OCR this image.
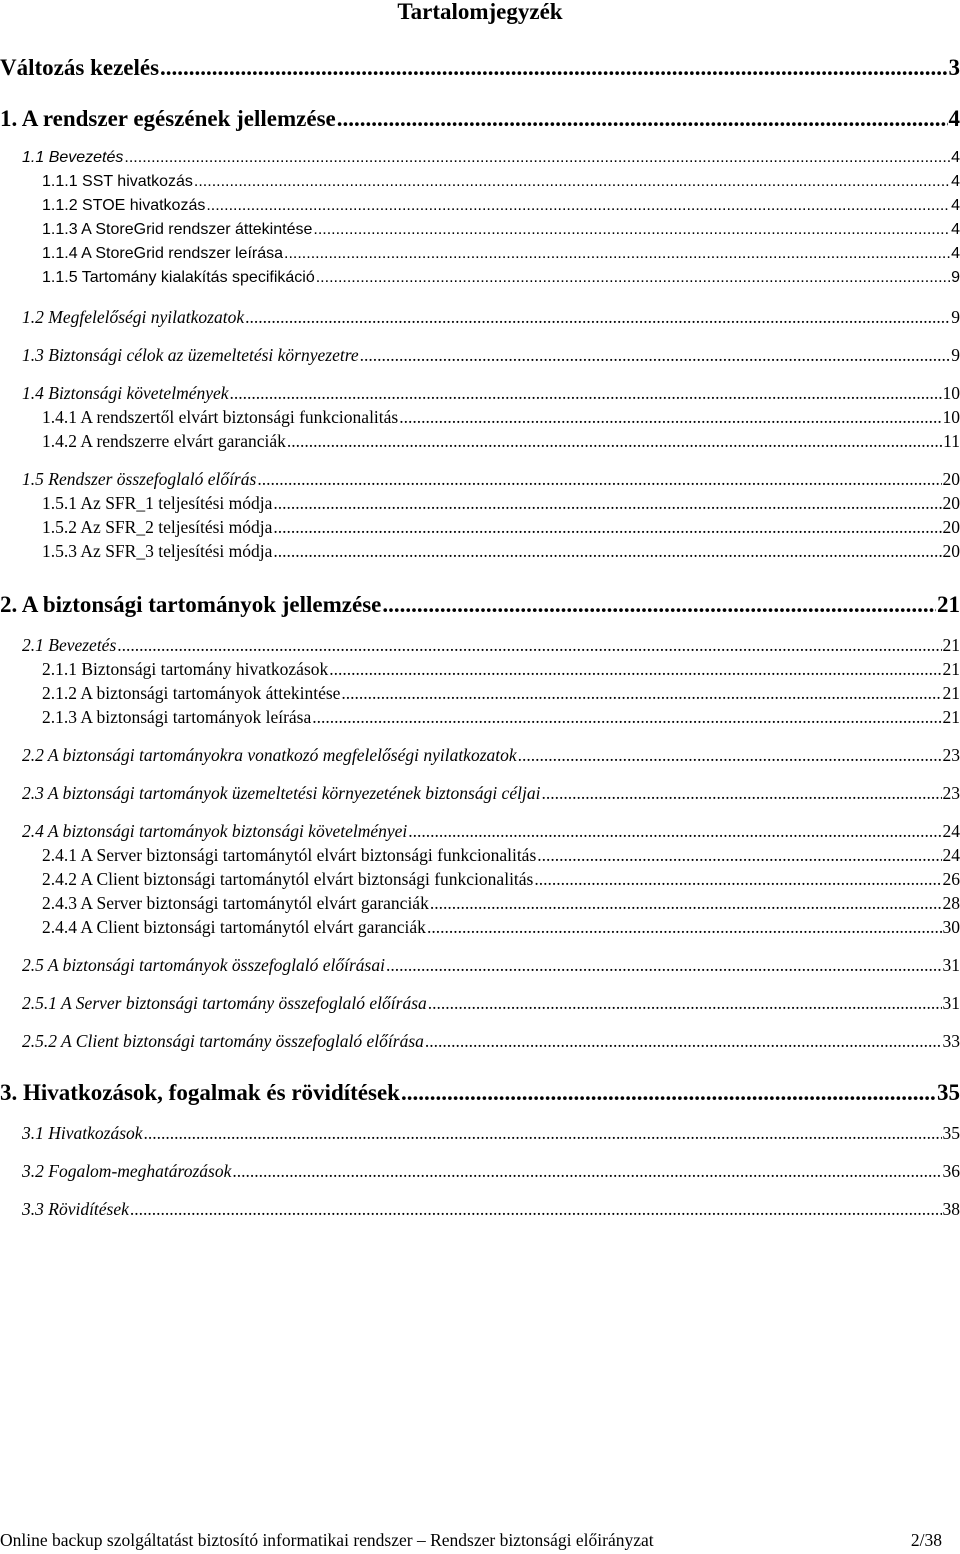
Tartalomjegyzék
Változás kezelés .....	3
1. A rendszer egészének jellemzése .....	4
1.1 Bevezetés .....	4
1.1.1 SST hivatkozás .....	4
1.1.2 STOE hivatkozás .....	4
1.1.3 A StoreGrid rendszer áttekintése .....	4
1.1.4 A StoreGrid rendszer leírása .....	4
1.1.5 Tartomány kialakítás specifikáció .....	9
1.2 Megfelelőségi nyilatkozatok .....	9
1.3 Biztonsági célok az üzemeltetési környezetre .....	9
1.4 Biztonsági követelmények .....	10
1.4.1 A rendszertől elvárt biztonsági funkcionalitás .....	10
1.4.2 A rendszerre elvárt garanciák .....	11
1.5 Rendszer összefoglaló előírás .....	20
1.5.1 Az SFR_1 teljesítési módja .....	20
1.5.2 Az SFR_2 teljesítési módja .....	20
1.5.3 Az SFR_3 teljesítési módja .....	20
2. A biztonsági tartományok jellemzése .....	21
2.1 Bevezetés .....	21
2.1.1 Biztonsági tartomány hivatkozások .....	21
2.1.2 A biztonsági tartományok áttekintése .....	21
2.1.3 A biztonsági tartományok leírása .....	21
2.2 A biztonsági tartományokra vonatkozó megfelelőségi nyilatkozatok .....	23
2.3 A biztonsági tartományok üzemeltetési környezetének biztonsági céljai .....	23
2.4 A biztonsági tartományok biztonsági követelményei .....	24
2.4.1 A Server biztonsági tartománytól elvárt biztonsági funkcionalitás .....	24
2.4.2 A Client biztonsági tartománytól elvárt biztonsági funkcionalitás .....	26
2.4.3 A Server biztonsági tartománytól elvárt garanciák .....	28
2.4.4 A Client biztonsági tartománytól elvárt garanciák .....	30
2.5 A biztonsági tartományok összefoglaló előírásai .....	31
2.5.1 A Server biztonsági tartomány összefoglaló előírása .....	31
2.5.2 A Client biztonsági tartomány összefoglaló előírása .....	33
3. Hivatkozások, fogalmak és rövidítések .....	35
3.1 Hivatkozások .....	35
3.2 Fogalom-meghatározások .....	36
3.3 Rövidítések .....	38
Online backup szolgáltatást biztosító informatikai rendszer – Rendszer biztonsági előirányzat	2/38
